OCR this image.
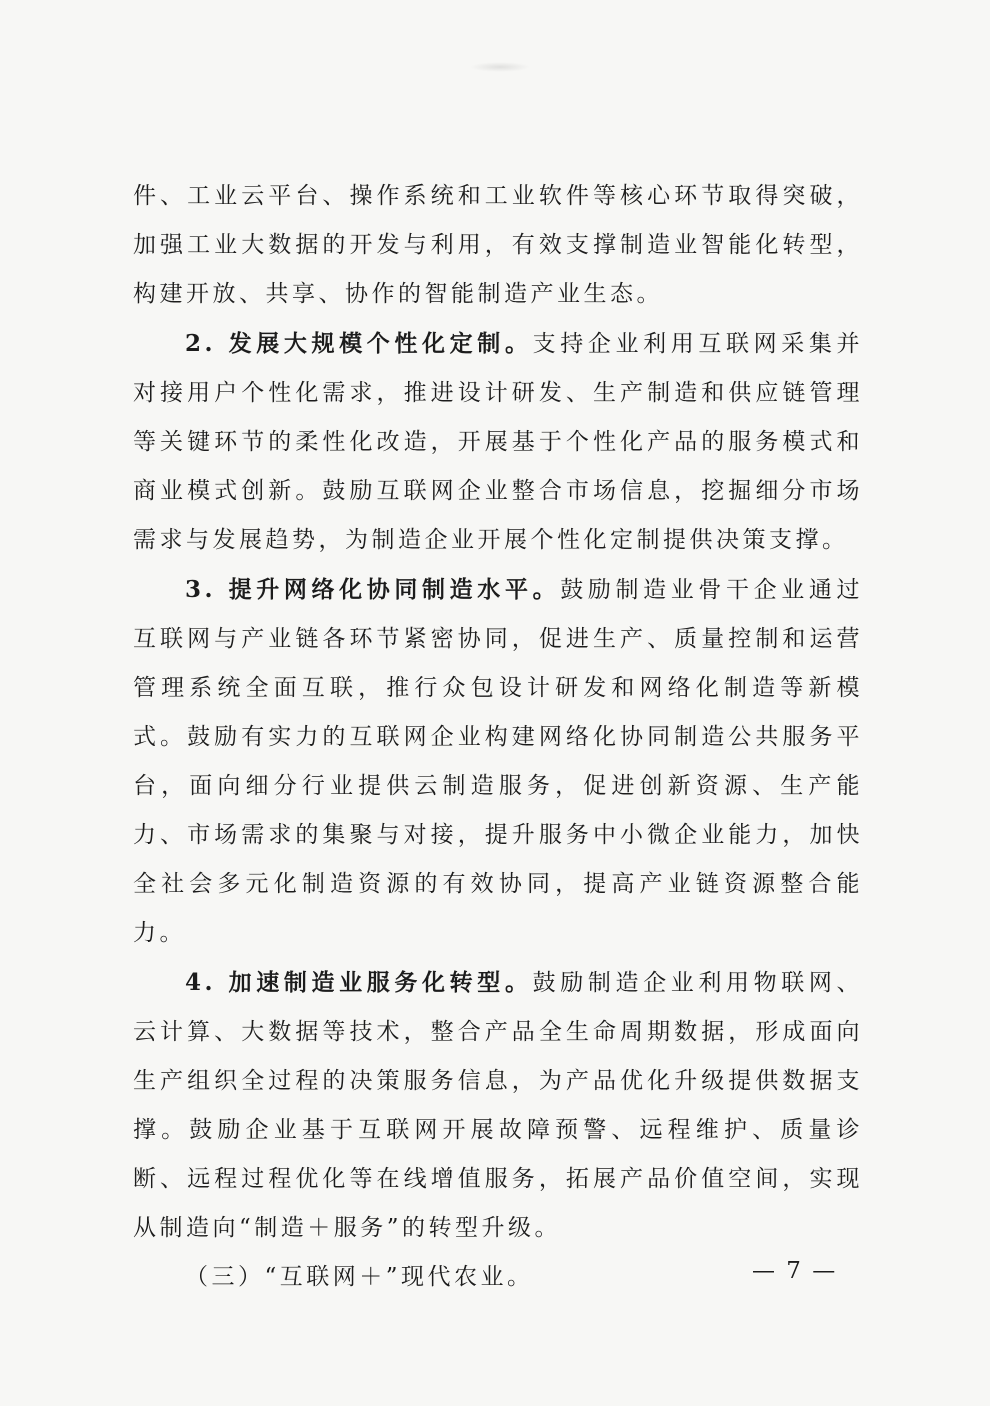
件、工业云平台、操作系统和工业软件等核心环节取得突破，加强工业大数据的开发与利用，有效支撑制造业智能化转型，构建开放、共享、协作的智能制造产业生态。

2. 发展大规模个性化定制。支持企业利用互联网采集并对接用户个性化需求，推进设计研发、生产制造和供应链管理等关键环节的柔性化改造，开展基于个性化产品的服务模式和商业模式创新。鼓励互联网企业整合市场信息，挖掘细分市场需求与发展趋势，为制造企业开展个性化定制提供决策支撑。

3. 提升网络化协同制造水平。鼓励制造业骨干企业通过互联网与产业链各环节紧密协同，促进生产、质量控制和运营管理系统全面互联，推行众包设计研发和网络化制造等新模式。鼓励有实力的互联网企业构建网络化协同制造公共服务平台，面向细分行业提供云制造服务，促进创新资源、生产能力、市场需求的集聚与对接，提升服务中小微企业能力，加快全社会多元化制造资源的有效协同，提高产业链资源整合能力。

4. 加速制造业服务化转型。鼓励制造企业利用物联网、云计算、大数据等技术，整合产品全生命周期数据，形成面向生产组织全过程的决策服务信息，为产品优化升级提供数据支撑。鼓励企业基于互联网开展故障预警、远程维护、质量诊断、远程过程优化等在线增值服务，拓展产品价值空间，实现从制造向“制造＋服务”的转型升级。

（三）“互联网＋”现代农业。	— 7 —
